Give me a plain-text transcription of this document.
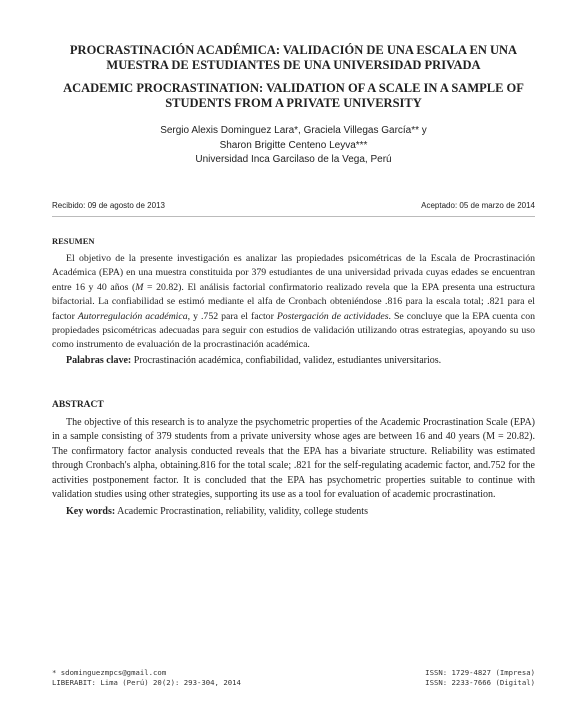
PROCRASTINACIÓN ACADÉMICA: VALIDACIÓN DE UNA ESCALA EN UNA MUESTRA DE ESTUDIANTES DE UNA UNIVERSIDAD PRIVADA
ACADEMIC PROCRASTINATION: VALIDATION OF A SCALE IN A SAMPLE OF STUDENTS FROM A PRIVATE UNIVERSITY
Sergio Alexis Dominguez Lara*, Graciela Villegas García** y
Sharon Brigitte Centeno Leyva***
Universidad Inca Garcilaso de la Vega, Perú
Recibido: 09 de agosto de 2013	Aceptado: 05 de marzo de 2014
RESUMEN

El objetivo de la presente investigación es analizar las propiedades psicométricas de la Escala de Procrastinación Académica (EPA) en una muestra constituida por 379 estudiantes de una universidad privada cuyas edades se encuentran entre 16 y 40 años (M = 20.82). El análisis factorial confirmatorio realizado revela que la EPA presenta una estructura bifactorial. La confiabilidad se estimó mediante el alfa de Cronbach obteniéndose .816 para la escala total; .821 para el factor Autorregulación académica, y .752 para el factor Postergación de actividades. Se concluye que la EPA cuenta con propiedades psicométricas adecuadas para seguir con estudios de validación utilizando otras estrategias, apoyando su uso como instrumento de evaluación de la procrastinación académica.

Palabras clave: Procrastinación académica, confiabilidad, validez, estudiantes universitarios.

ABSTRACT

The objective of this research is to analyze the psychometric properties of the Academic Procrastination Scale (EPA) in a sample consisting of 379 students from a private university whose ages are between 16 and 40 years (M = 20.82). The confirmatory factor analysis conducted reveals that the EPA has a bivariate structure. Reliability was estimated through Cronbach's alpha, obtaining.816 for the total scale; .821 for the self-regulating academic factor, and.752 for the activities postponement factor. It is concluded that the EPA has psychometric properties suitable to continue with validation studies using other strategies, supporting its use as a tool for evaluation of academic procrastination.

Key words: Academic Procrastination, reliability, validity, college students

* sdominguezmpcs@gmail.com
LIBERABIT: Lima (Perú) 20(2): 293-304, 2014
ISSN: 1729-4827 (Impresa)
ISSN: 2233-7666 (Digital)
